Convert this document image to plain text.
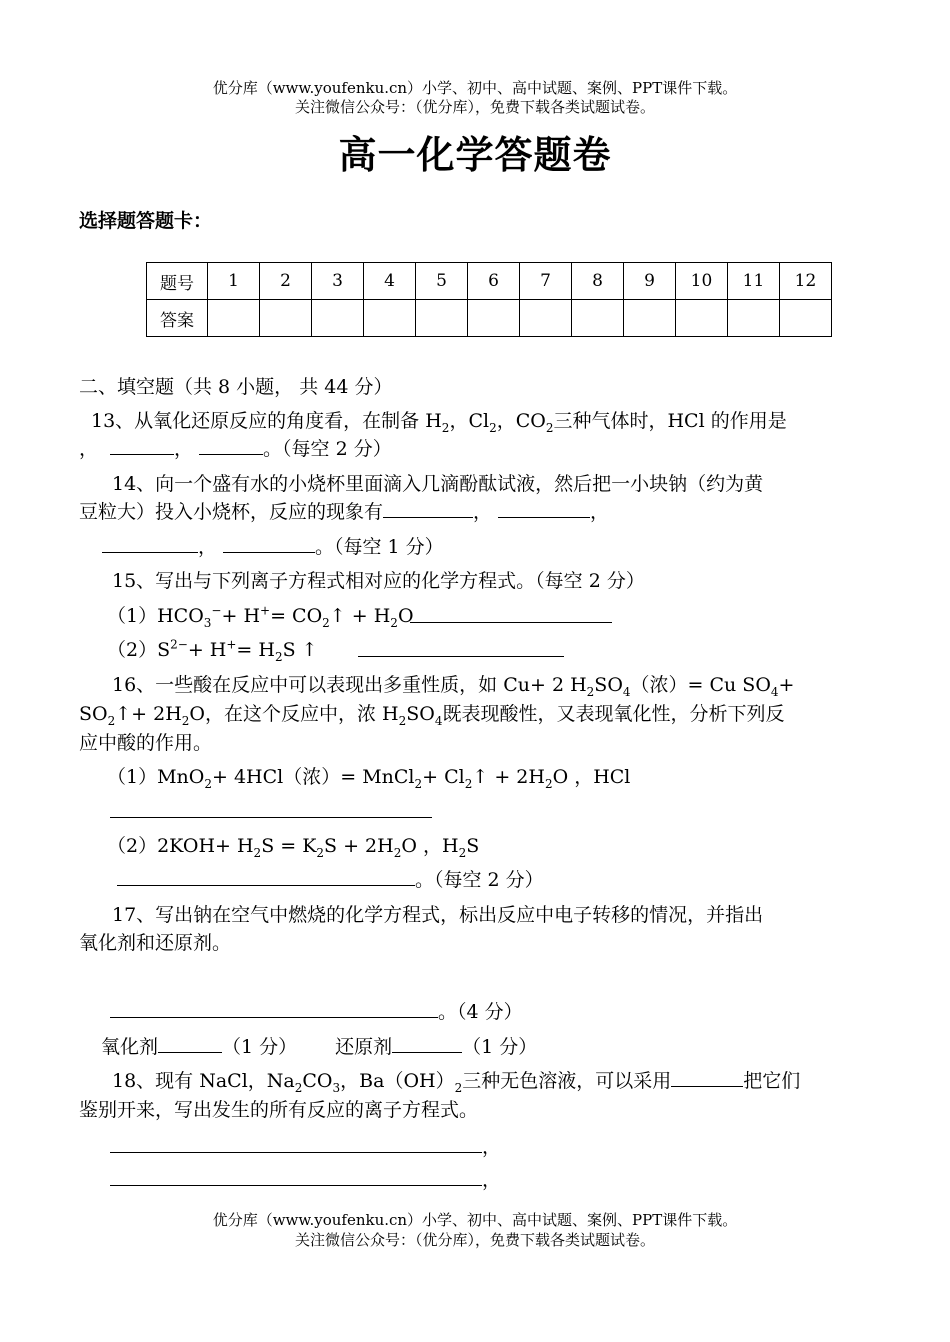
优分库（www.youfenku.cn）小学、初中、高中试题、案例、PPT课件下载。
关注微信公众号：（优分库），免费下载各类试题试卷。
高一化学答题卷
选择题答题卡：
题号	1	2	3	4	5	6	7	8	9	10	11	12
答案												
二、填空题（共 8 小题， 共 44 分）
13、从氧化还原反应的角度看，在制备 $H_2$，$Cl_2$，$CO_2$三种气体时，HCl 的作用是
，	，	。（每空 2 分）
14、向一个盛有水的小烧杯里面滴入几滴酚酞试液，然后把一小块钠（约为黄
豆粒大）投入小烧杯，反应的现象有	，	，
，	。（每空 1 分）
15、写出与下列离子方程式相对应的化学方程式。（每空 2 分）
$(1)HCO_3^-+ H^+=$ $CO_2↑ + H_2O$
$(2)S^{2-}+ H^+= H_2S$ ↑
16、一些酸在反应中可以表现出多重性质，如 Cu+ 2 $H_2SO_4$（浓）= Cu $SO_4+$
$SO_2↑+ 2H_2O$，在这个反应中，浓 $H_2SO_4$既表现酸性，又表现氧化性，分析下列反
应中酸的作用。
（1）MnO$_2$+ 4HCl（浓）= MnCl$_2$+ $Cl_2↑ + 2H_2O$ ，HCl
$(2)2KOH+ H_2S = K_2S + 2H_2O$ ，$H_2S$
。（每空 2 分）
17、写出钠在空气中燃烧的化学方程式，标出反应中电子转移的情况，并指出
氧化剂和还原剂。
。（4 分）
氧化剂	（1 分） 还原剂	（1 分）
18、现有 NaCl，$Na_2CO_3$，$Ba(OH)_2$三种无色溶液，可以采用	把它们
鉴别开来，写出发生的所有反应的离子方程式。
，
，
优分库（www.youfenku.cn）小学、初中、高中试题、案例、PPT课件下载。
关注微信公众号：（优分库），免费下载各类试题试卷。
